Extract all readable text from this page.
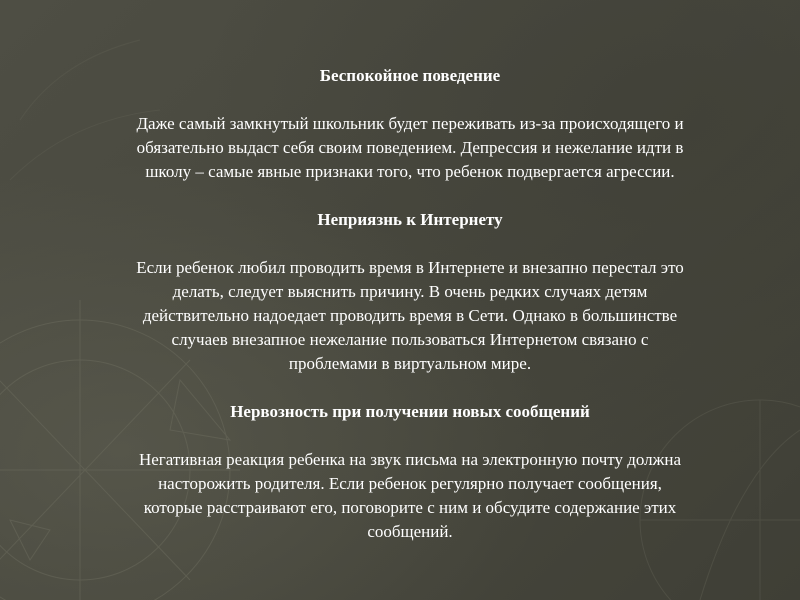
Беспокойное поведение

Даже самый замкнутый школьник будет переживать из-за происходящего и
обязательно выдаст себя своим поведением. Депрессия и нежелание идти в
школу – самые явные признаки того, что ребенок подвергается агрессии.

Неприязнь к Интернету

Если ребенок любил проводить время в Интернете и внезапно перестал это
делать, следует выяснить причину. В очень редких случаях детям
действительно надоедает проводить время в Сети. Однако в большинстве
случаев внезапное нежелание пользоваться Интернетом связано с
проблемами в виртуальном мире.

Нервозность при получении новых сообщений

Негативная реакция ребенка на звук письма на электронную почту должна
насторожить родителя. Если ребенок регулярно получает сообщения,
которые расстраивают его, поговорите с ним и обсудите содержание этих
сообщений.
